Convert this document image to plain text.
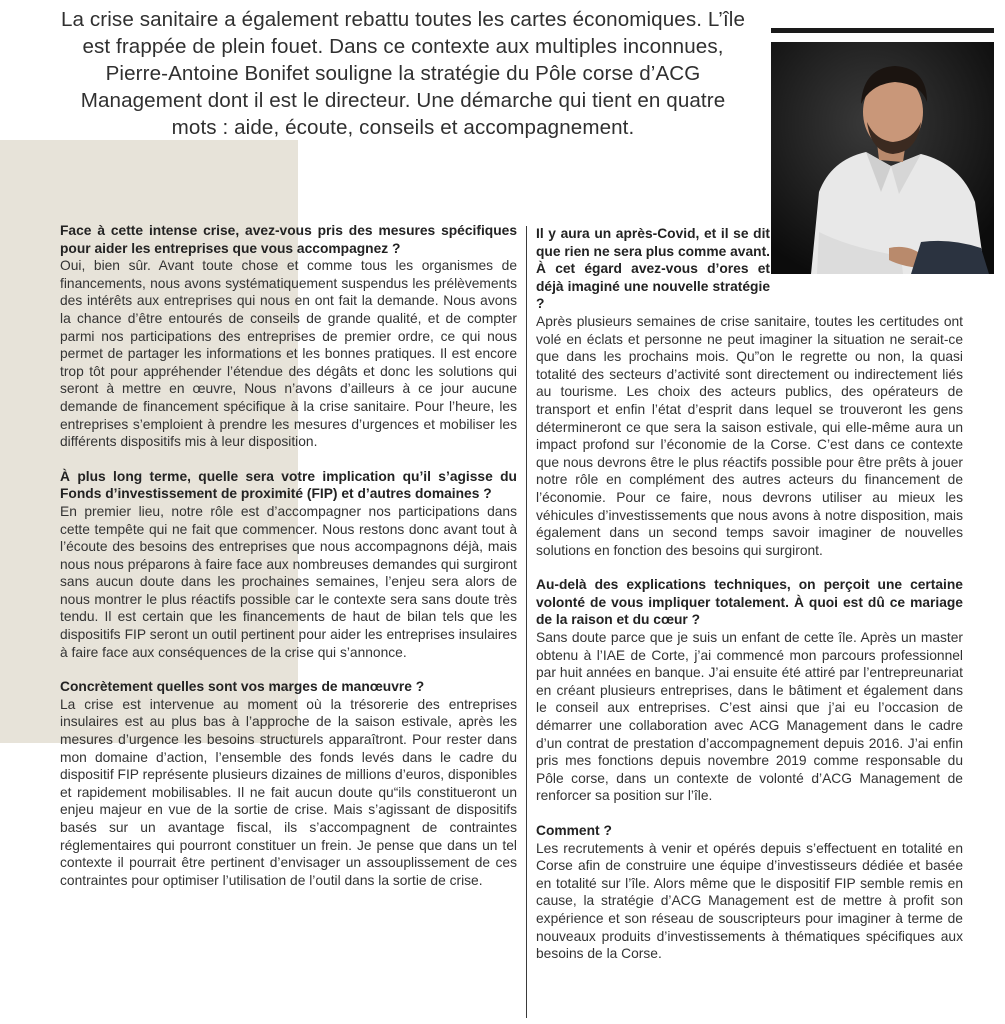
La crise sanitaire a également rebattu toutes les cartes économiques. L’île est frappée de plein fouet. Dans ce contexte aux multiples inconnues, Pierre-Antoine Bonifet souligne la stratégie du Pôle corse d’ACG Management dont il est le directeur. Une démarche qui tient en quatre mots : aide, écoute, conseils et accompagnement.

Face à cette intense crise, avez-vous pris des mesures spécifiques pour aider les entreprises que vous accompagnez ?

Oui, bien sûr. Avant toute chose et comme tous les organismes de financements, nous avons systématiquement suspendus les prélèvements des intérêts aux entreprises qui nous en ont fait la demande. Nous avons la chance d’être entourés de conseils de grande qualité, et de compter parmi nos participations des entreprises de premier ordre, ce qui nous permet de partager les informations et les bonnes pratiques. Il est encore trop tôt pour appréhender l’étendue des dégâts et donc les solutions qui seront à mettre en œuvre, Nous n’avons d’ailleurs à ce jour aucune demande de financement spécifique à la crise sanitaire. Pour l’heure, les entreprises s’emploient à prendre les mesures d’urgences et mobiliser les différents dispositifs mis à leur disposition.

À plus long terme, quelle sera votre implication qu’il s’agisse du Fonds d’investissement de proximité (FIP) et d’autres domaines ?

En premier lieu, notre rôle est d’accompagner nos participations dans cette tempête qui ne fait que commencer. Nous restons donc avant tout à l’écoute des besoins des entreprises que nous accompagnons déjà, mais nous nous préparons à faire face aux nombreuses demandes qui surgiront sans aucun doute dans les prochaines semaines, l’enjeu sera alors de nous montrer le plus réactifs possible car le contexte sera sans doute très tendu. Il est certain que les financements de haut de bilan tels que les dispositifs FIP seront un outil pertinent pour aider les entreprises insulaires à faire face aux conséquences de la crise qui s’annonce.

Concrètement quelles sont vos marges de manœuvre ?

La crise est intervenue au moment où la trésorerie des entreprises insulaires est au plus bas à l’approche de la saison estivale, après les mesures d’urgence les besoins structurels apparaîtront. Pour rester dans mon domaine d’action, l’ensemble des fonds levés dans le cadre du dispositif FIP représente plusieurs dizaines de millions d’euros, disponibles et rapidement mobilisables. Il ne fait aucun doute qu“ils constitueront un enjeu majeur en vue de la sortie de crise. Mais s’agissant de dispositifs basés sur un avantage fiscal, ils s’accompagnent de contraintes réglementaires qui pourront constituer un frein. Je pense que dans un tel contexte il pourrait être pertinent d’envisager un assouplissement de ces contraintes pour optimiser l’utilisation de l’outil dans la sortie de crise.

Il y aura un après-Covid, et il se dit que rien ne sera plus comme avant. À cet égard avez-vous d’ores et déjà imaginé une nouvelle stratégie ?

Après plusieurs semaines de crise sanitaire, toutes les certitudes ont volé en éclats et personne ne peut imaginer la situation ne serait-ce que dans les prochains mois. Qu”on le regrette ou non, la quasi totalité des secteurs d’activité sont directement ou indirectement liés au tourisme. Les choix des acteurs publics, des opérateurs de transport et enfin l’état d’esprit dans lequel se trouveront les gens détermineront ce que sera la saison estivale, qui elle-même aura un impact profond sur l’économie de la Corse. C’est dans ce contexte que nous devrons être le plus réactifs possible pour être prêts à jouer notre rôle en complément des autres acteurs du financement de l’économie. Pour ce faire, nous devrons utiliser au mieux les véhicules d’investissements que nous avons à notre disposition, mais également dans un second temps savoir imaginer de nouvelles solutions en fonction des besoins qui surgiront.

Au-delà des explications techniques, on perçoit une certaine volonté de vous impliquer totalement. À quoi est dû ce mariage de la raison et du cœur ?

Sans doute parce que je suis un enfant de cette île. Après un master obtenu à l’IAE de Corte, j’ai commencé mon parcours professionnel par huit années en banque. J’ai ensuite été attiré par l’entrepreunariat en créant plusieurs entreprises, dans le bâtiment et également dans le conseil aux entreprises. C’est ainsi que j’ai eu l’occasion de démarrer une collaboration avec ACG Management dans le cadre d’un contrat de prestation d’accompagnement depuis 2016. J’ai enfin pris mes fonctions depuis novembre 2019 comme responsable du Pôle corse, dans un contexte de volonté d’ACG Management de renforcer sa position sur l’île.

Comment ?

Les recrutements à venir et opérés depuis s’effectuent en totalité en Corse afin de construire une équipe d’investisseurs dédiée et basée en totalité sur l’île. Alors même que le dispositif FIP semble remis en cause, la stratégie d’ACG Management est de mettre à profit son expérience et son réseau de souscripteurs pour imaginer à terme de nouveaux produits d’investissements à thématiques spécifiques aux besoins de la Corse.
